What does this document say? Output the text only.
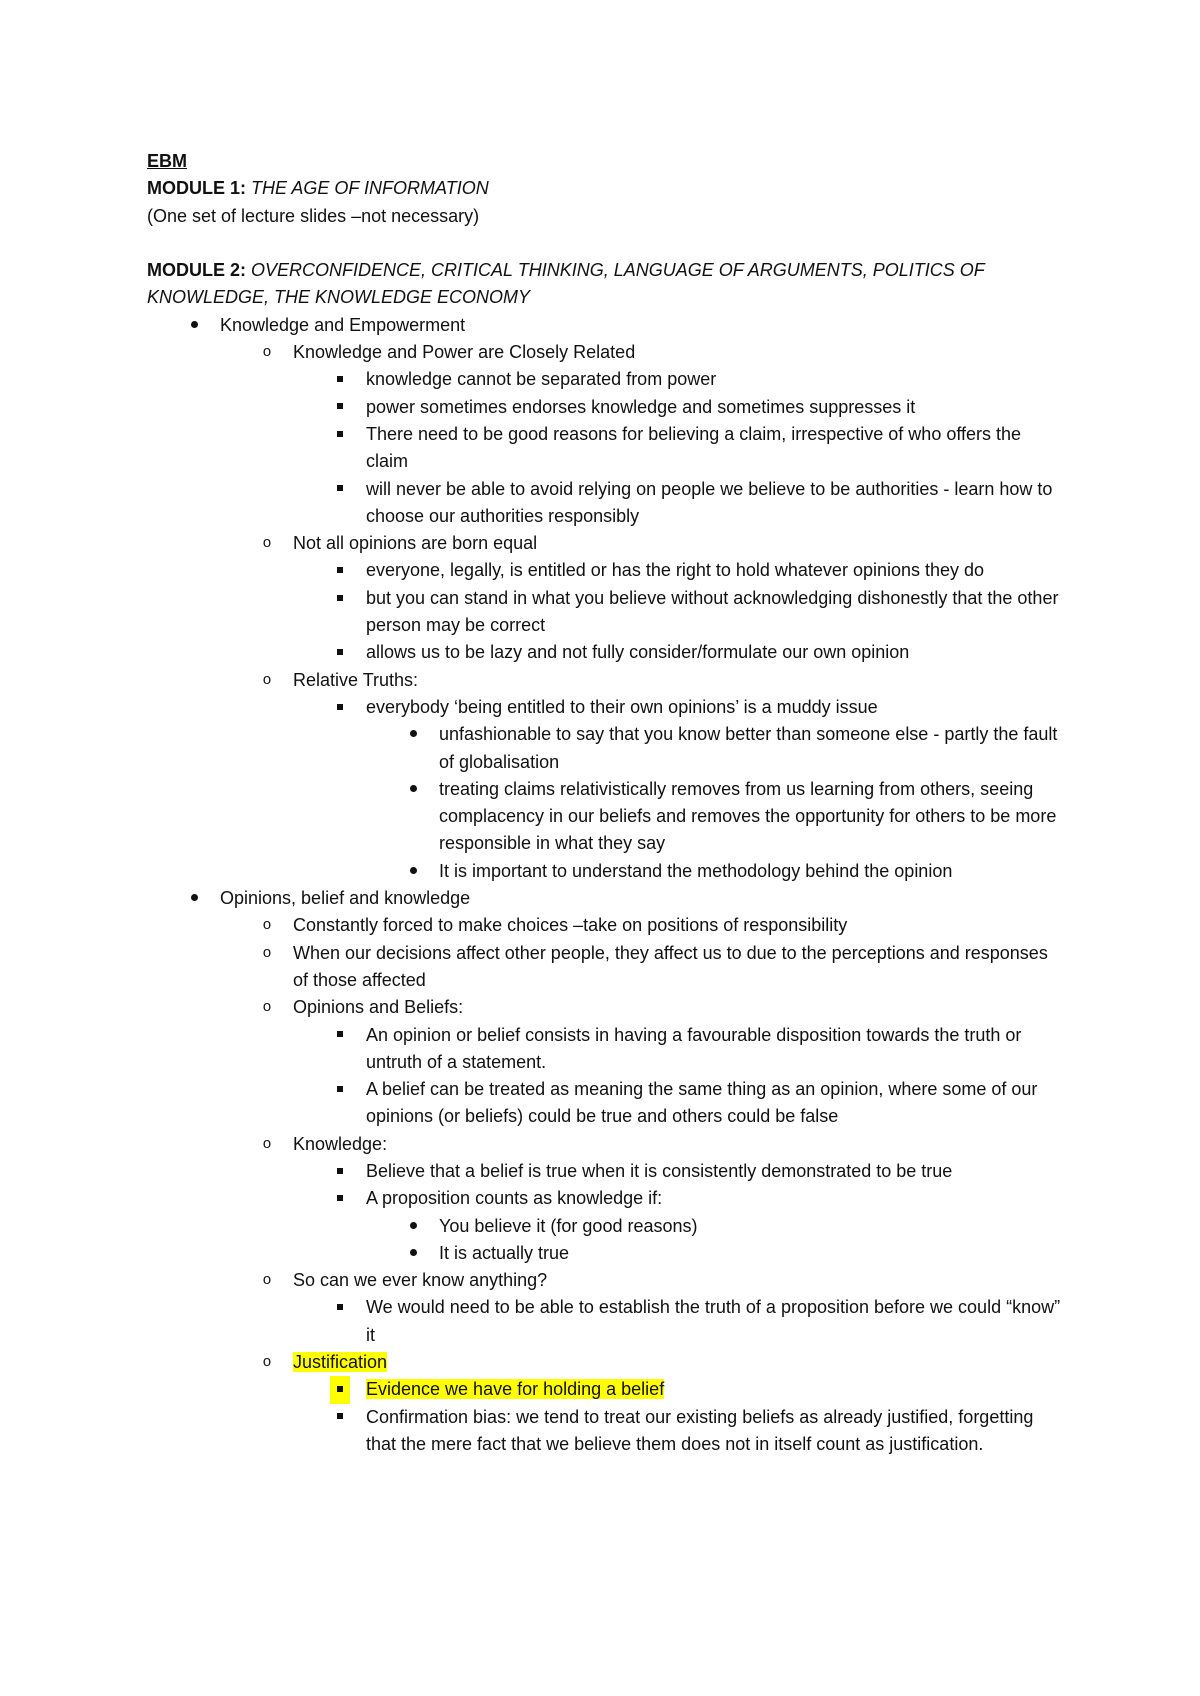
EBM

MODULE 1: THE AGE OF INFORMATION

(One set of lecture slides –not necessary)

MODULE 2: OVERCONFIDENCE, CRITICAL THINKING, LANGUAGE OF ARGUMENTS, POLITICS OF

KNOWLEDGE, THE KNOWLEDGE ECONOMY

Knowledge and Empowerment
o	Knowledge and Power are Closely Related
knowledge cannot be separated from power
power sometimes endorses knowledge and sometimes suppresses it
There need to be good reasons for believing a claim, irrespective of who offers the claim
will never be able to avoid relying on people we believe to be authorities - learn how to choose our authorities responsibly
o	Not all opinions are born equal
everyone, legally, is entitled or has the right to hold whatever opinions they do
but you can stand in what you believe without acknowledging dishonestly that the other person may be correct
allows us to be lazy and not fully consider/formulate our own opinion
o	Relative Truths:
everybody ‘being entitled to their own opinions’ is a muddy issue
unfashionable to say that you know better than someone else - partly the fault of globalisation
treating claims relativistically removes from us learning from others, seeing complacency in our beliefs and removes the opportunity for others to be more responsible in what they say
It is important to understand the methodology behind the opinion
Opinions, belief and knowledge
o	Constantly forced to make choices –take on positions of responsibility
o	When our decisions affect other people, they affect us to due to the perceptions and responses of those affected
o	Opinions and Beliefs:
An opinion or belief consists in having a favourable disposition towards the truth or untruth of a statement.
A belief can be treated as meaning the same thing as an opinion, where some of our opinions (or beliefs) could be true and others could be false
o	Knowledge:
Believe that a belief is true when it is consistently demonstrated to be true
A proposition counts as knowledge if:
You believe it (for good reasons)
It is actually true
o	So can we ever know anything?
We would need to be able to establish the truth of a proposition before we could “know” it
o	Justification
Evidence we have for holding a belief
Confirmation bias: we tend to treat our existing beliefs as already justified, forgetting that the mere fact that we believe them does not in itself count as justification.
